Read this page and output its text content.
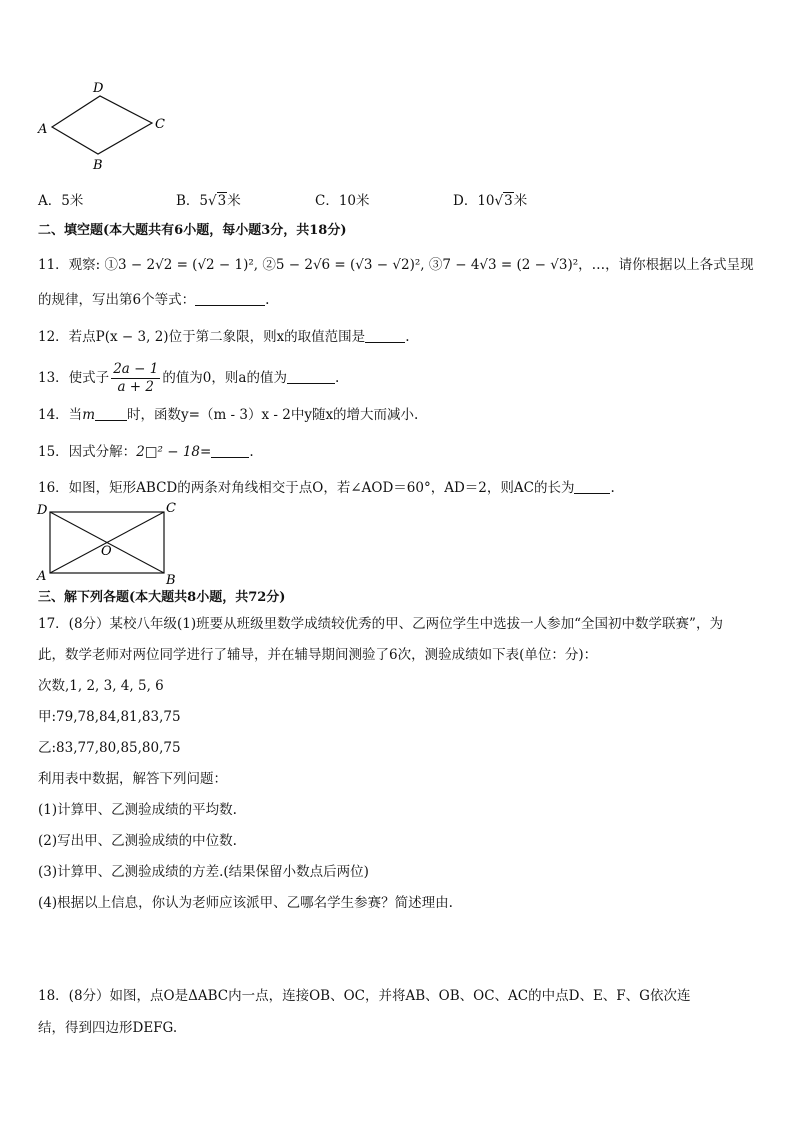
D
A	C
B
A．5米	B．5√3米	C．10米	D．10√3米
二、填空题(本大题共有6小题，每小题3分，共18分)
11．观察: ①3 − 2√2 = (√2 − 1)², ②5 − 2√6 = (√3 − √2)², ③7 − 4√3 = (2 − √3)²，…，请你根据以上各式呈现
的规律，写出第6个等式：	.
12．若点P(x − 3, 2)位于第二象限，则x的取值范围是	.
13．使式子 $\frac{2a - 1}{a + 2}$ 的值为0，则a的值为	.
14．当m 时，函数y=（m - 3）x - 2中y随x的增大而减小.
15．因式分解：2□² − 18=	.
16．如图，矩形ABCD的两条对角线相交于点O，若∠AOD＝60°，AD＝2，则AC的长为	.
D	C
A	B
O
三、解下列各题(本大题共8小题，共72分)
17．(8分）某校八年级(1)班要从班级里数学成绩较优秀的甲、乙两位学生中选拔一人参加“全国初中数学联赛”，为
此，数学老师对两位同学进行了辅导，并在辅导期间测验了6次，测验成绩如下表(单位：分)：
次数,1, 2, 3, 4, 5, 6
甲:79,78,84,81,83,75
乙:83,77,80,85,80,75
利用表中数据，解答下列问题：
(1)计算甲、乙测验成绩的平均数.
(2)写出甲、乙测验成绩的中位数.
(3)计算甲、乙测验成绩的方差.(结果保留小数点后两位)
(4)根据以上信息，你认为老师应该派甲、乙哪名学生参赛？简述理由.
18．(8分）如图，点O是ΔABC内一点，连接OB、OC，并将AB、OB、OC、AC的中点D、E、F、G依次连
结，得到四边形DEFG.
